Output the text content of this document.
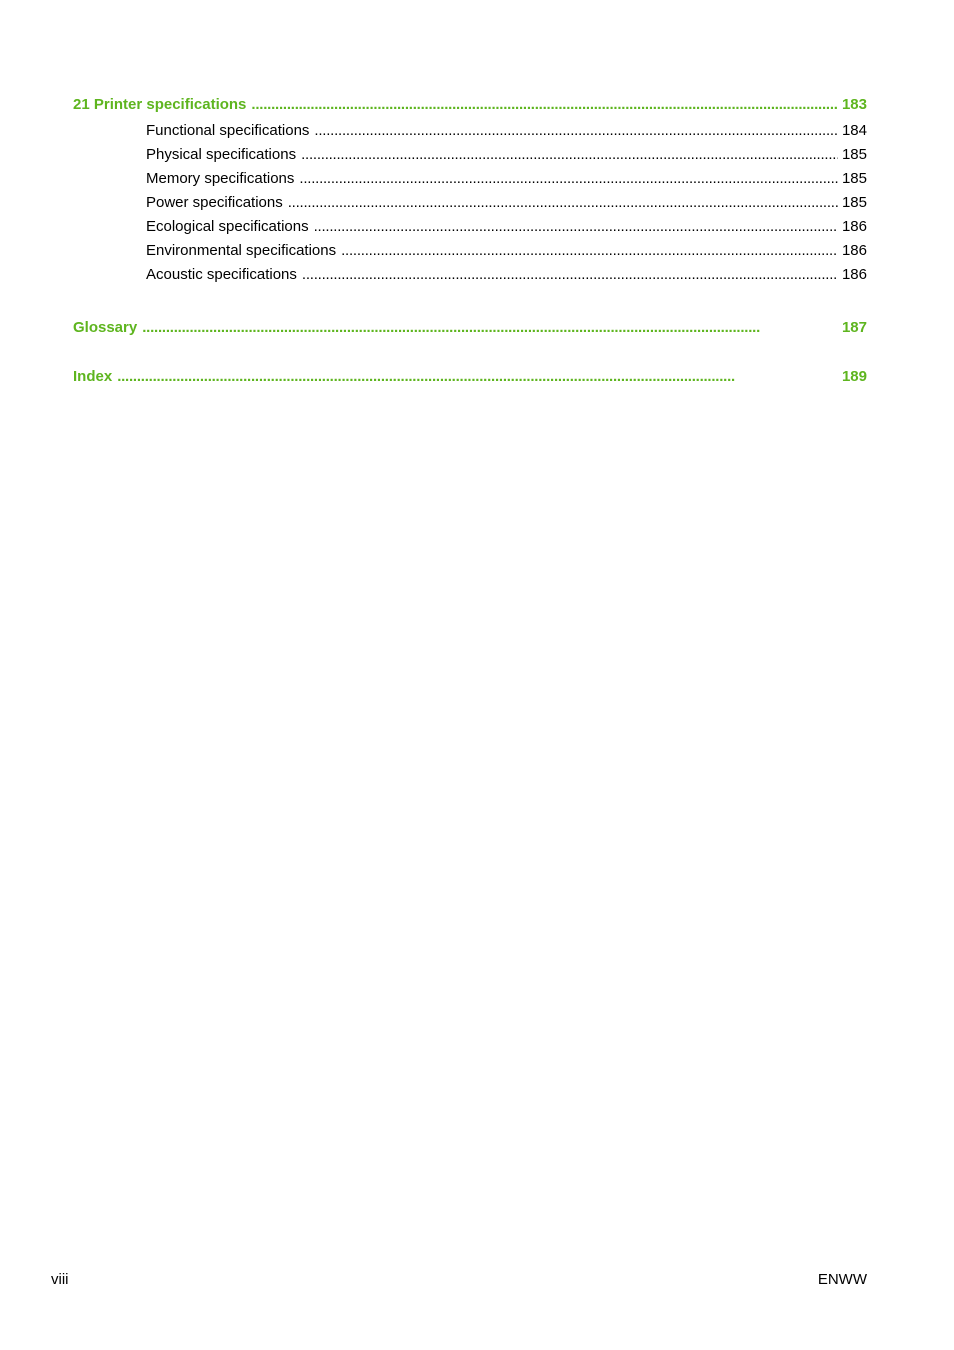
21 Printer specifications . . .	183
Functional specifications . . .	184
Physical specifications . . .	185
Memory specifications . . .	185
Power specifications . . .	185
Ecological specifications . . .	186
Environmental specifications . . .	186
Acoustic specifications . . .	186
Glossary . . .	187
Index . . .	189
viii	ENWW
